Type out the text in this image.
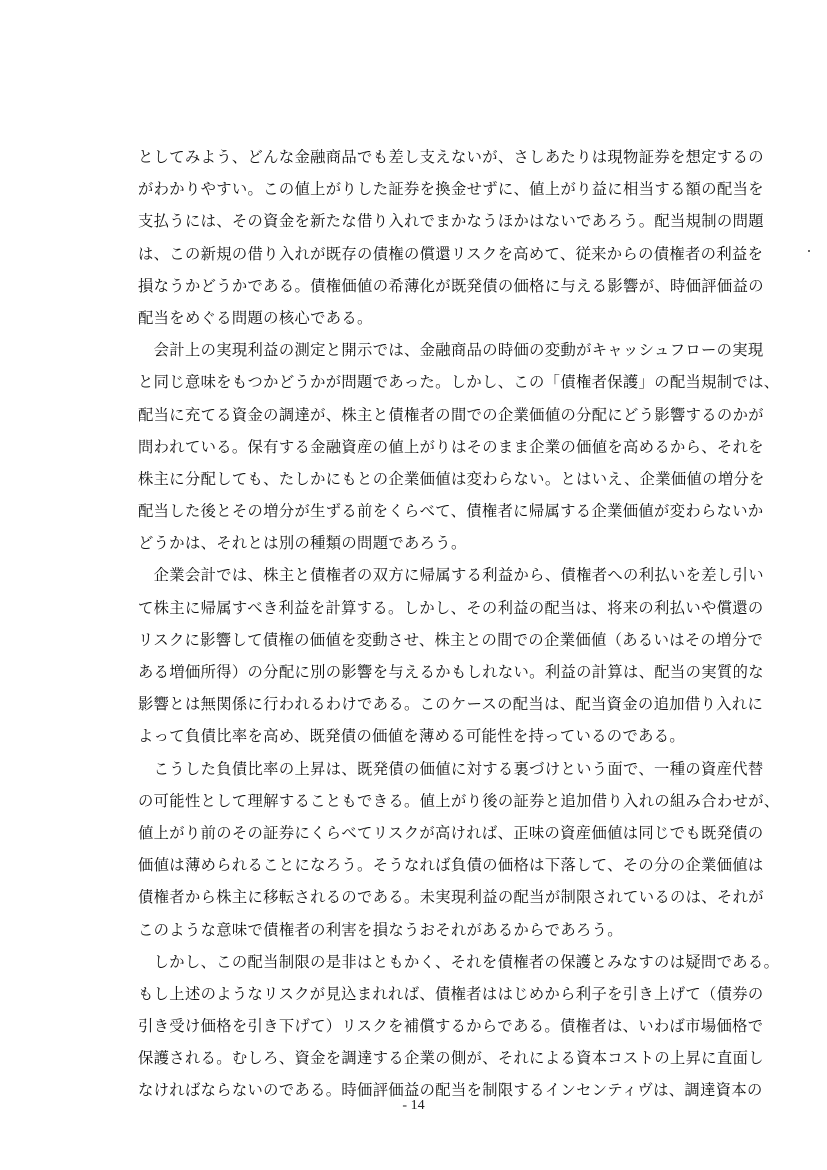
としてみよう、どんな金融商品でも差し支えないが、さしあたりは現物証券を想定するの
がわかりやすい。この値上がりした証券を換金せずに、値上がり益に相当する額の配当を
支払うには、その資金を新たな借り入れでまかなうほかはないであろう。配当規制の問題
は、この新規の借り入れが既存の債権の償還リスクを高めて、従来からの債権者の利益を
損なうかどうかである。債権価値の希薄化が既発債の価格に与える影響が、時価評価益の
配当をめぐる問題の核心である。
　会計上の実現利益の測定と開示では、金融商品の時価の変動がキャッシュフローの実現
と同じ意味をもつかどうかが問題であった。しかし、この「債権者保護」の配当規制では、
配当に充てる資金の調達が、株主と債権者の間での企業価値の分配にどう影響するのかが
問われている。保有する金融資産の値上がりはそのまま企業の価値を高めるから、それを
株主に分配しても、たしかにもとの企業価値は変わらない。とはいえ、企業価値の増分を
配当した後とその増分が生ずる前をくらべて、債権者に帰属する企業価値が変わらないか
どうかは、それとは別の種類の問題であろう。
　企業会計では、株主と債権者の双方に帰属する利益から、債権者への利払いを差し引い
て株主に帰属すべき利益を計算する。しかし、その利益の配当は、将来の利払いや償還の
リスクに影響して債権の価値を変動させ、株主との間での企業価値（あるいはその増分で
ある増価所得）の分配に別の影響を与えるかもしれない。利益の計算は、配当の実質的な
影響とは無関係に行われるわけである。このケースの配当は、配当資金の追加借り入れに
よって負債比率を高め、既発債の価値を薄める可能性を持っているのである。
　こうした負債比率の上昇は、既発債の価値に対する裏づけという面で、一種の資産代替
の可能性として理解することもできる。値上がり後の証券と追加借り入れの組み合わせが、
値上がり前のその証券にくらべてリスクが高ければ、正味の資産価値は同じでも既発債の
価値は薄められることになろう。そうなれば負債の価格は下落して、その分の企業価値は
債権者から株主に移転されるのである。未実現利益の配当が制限されているのは、それが
このような意味で債権者の利害を損なうおそれがあるからであろう。
　しかし、この配当制限の是非はともかく、それを債権者の保護とみなすのは疑問である。
もし上述のようなリスクが見込まれれば、債権者ははじめから利子を引き上げて（債券の
引き受け価格を引き下げて）リスクを補償するからである。債権者は、いわば市場価格で
保護される。むしろ、資金を調達する企業の側が、それによる資本コストの上昇に直面し
なければならないのである。時価評価益の配当を制限するインセンティヴは、調達資本の
- 14
